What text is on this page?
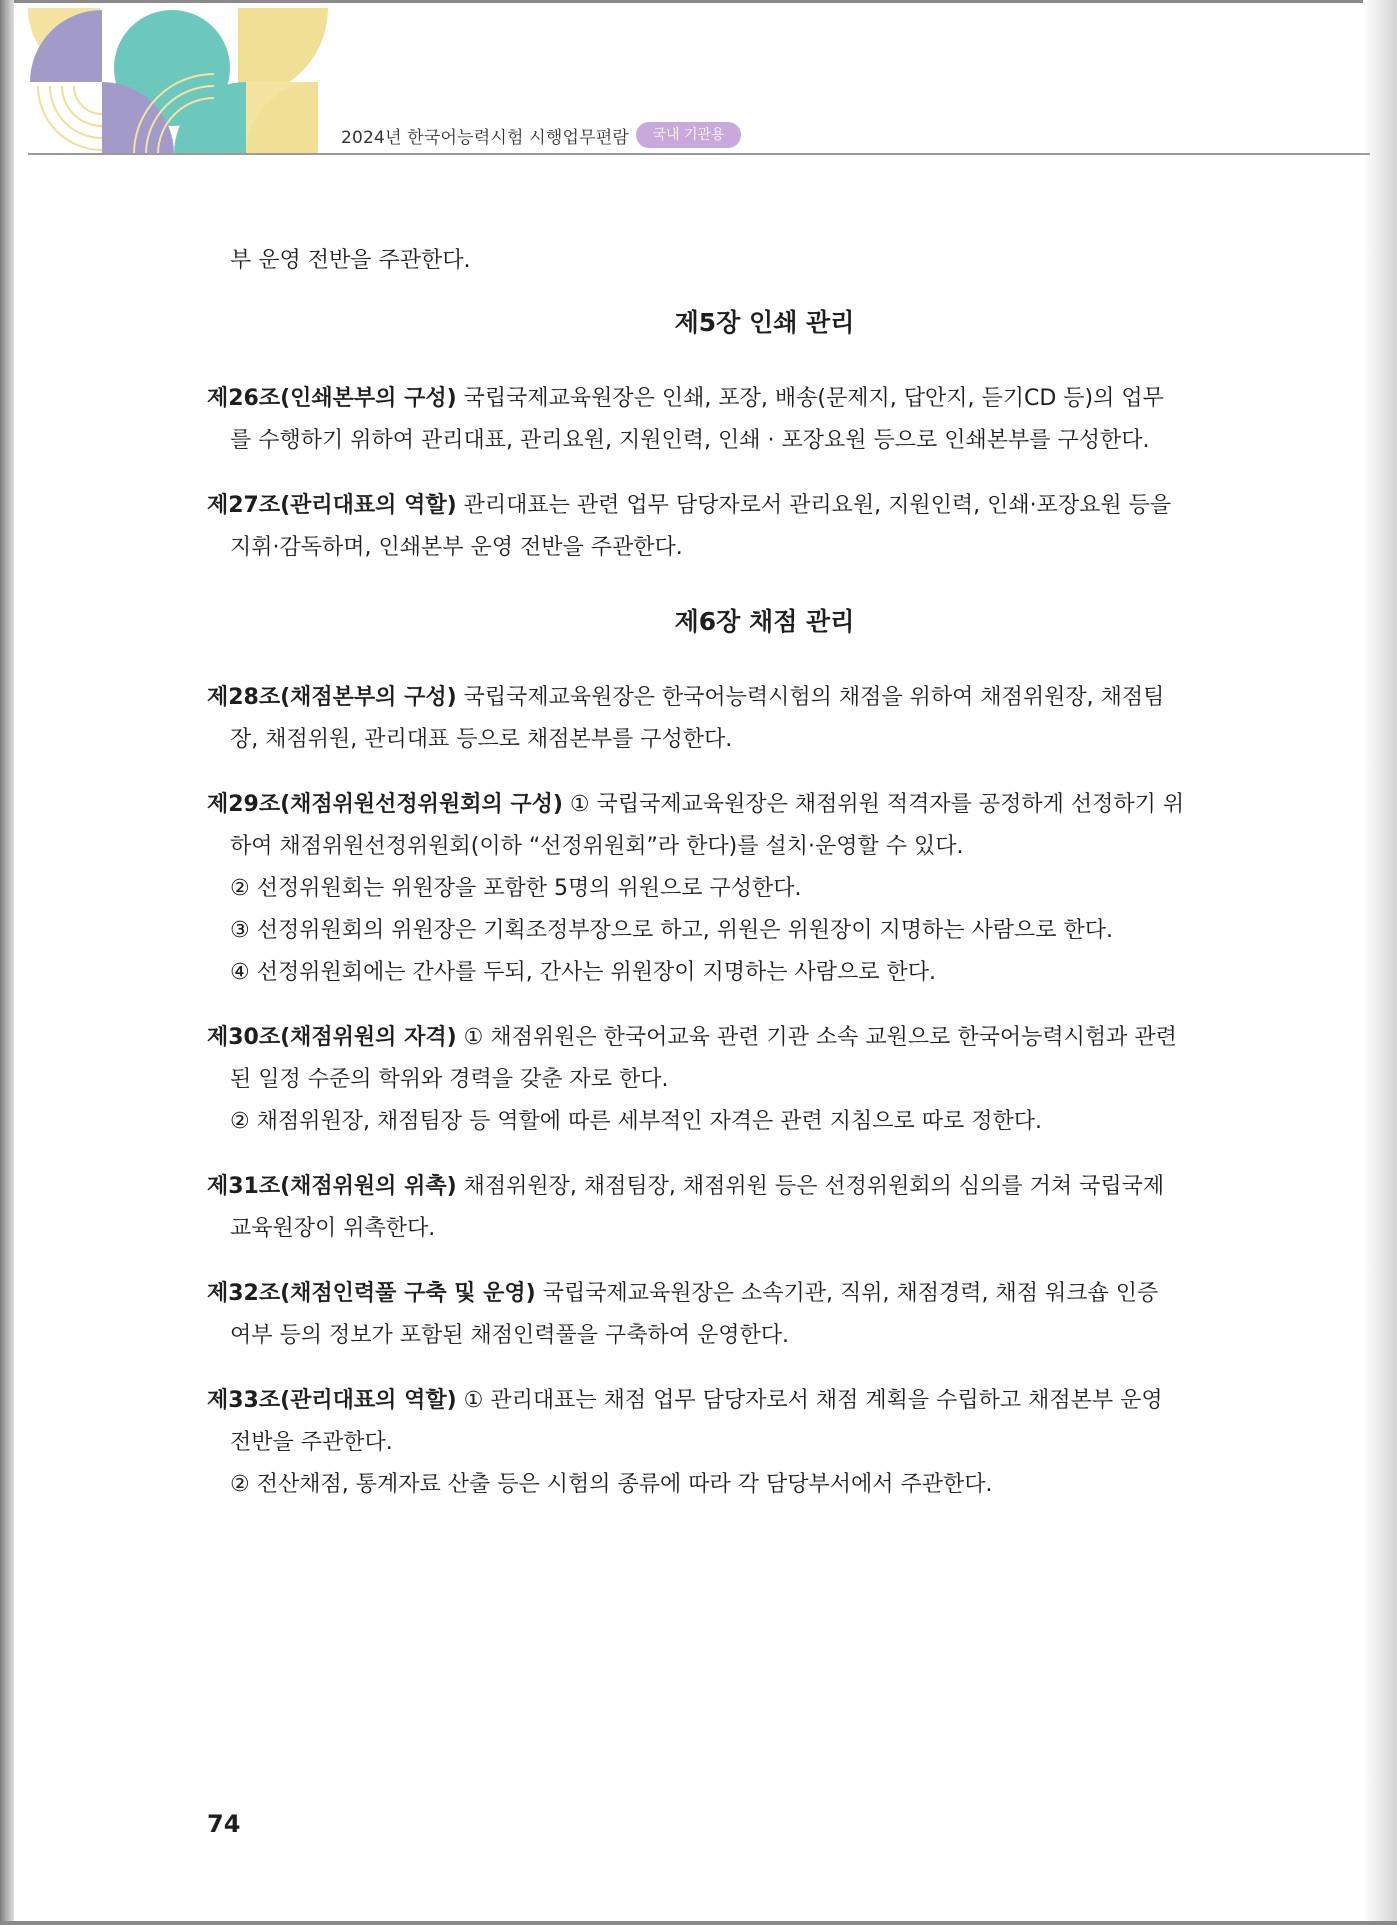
2024년 한국어능력시험 시행업무편람	국내 기관용

부 운영 전반을 주관한다.

제5장 인쇄 관리
제26조(인쇄본부의 구성) 국립국제교육원장은 인쇄, 포장, 배송(문제지, 답안지, 듣기CD 등)의 업무
를 수행하기 위하여 관리대표, 관리요원, 지원인력, 인쇄 · 포장요원 등으로 인쇄본부를 구성한다.
제27조(관리대표의 역할) 관리대표는 관련 업무 담당자로서 관리요원, 지원인력, 인쇄·포장요원 등을
지휘·감독하며, 인쇄본부 운영 전반을 주관한다.
제6장 채점 관리
제28조(채점본부의 구성) 국립국제교육원장은 한국어능력시험의 채점을 위하여 채점위원장, 채점팀
장, 채점위원, 관리대표 등으로 채점본부를 구성한다.
제29조(채점위원선정위원회의 구성) ① 국립국제교육원장은 채점위원 적격자를 공정하게 선정하기 위
하여 채점위원선정위원회(이하 “선정위원회”라 한다)를 설치·운영할 수 있다.
② 선정위원회는 위원장을 포함한 5명의 위원으로 구성한다.
③ 선정위원회의 위원장은 기획조정부장으로 하고, 위원은 위원장이 지명하는 사람으로 한다.
④ 선정위원회에는 간사를 두되, 간사는 위원장이 지명하는 사람으로 한다.
제30조(채점위원의 자격) ① 채점위원은 한국어교육 관련 기관 소속 교원으로 한국어능력시험과 관련
된 일정 수준의 학위와 경력을 갖춘 자로 한다.
② 채점위원장, 채점팀장 등 역할에 따른 세부적인 자격은 관련 지침으로 따로 정한다.
제31조(채점위원의 위촉) 채점위원장, 채점팀장, 채점위원 등은 선정위원회의 심의를 거쳐 국립국제
교육원장이 위촉한다.
제32조(채점인력풀 구축 및 운영) 국립국제교육원장은 소속기관, 직위, 채점경력, 채점 워크숍 인증
여부 등의 정보가 포함된 채점인력풀을 구축하여 운영한다.
제33조(관리대표의 역할) ① 관리대표는 채점 업무 담당자로서 채점 계획을 수립하고 채점본부 운영
전반을 주관한다.
② 전산채점, 통계자료 산출 등은 시험의 종류에 따라 각 담당부서에서 주관한다.
74
